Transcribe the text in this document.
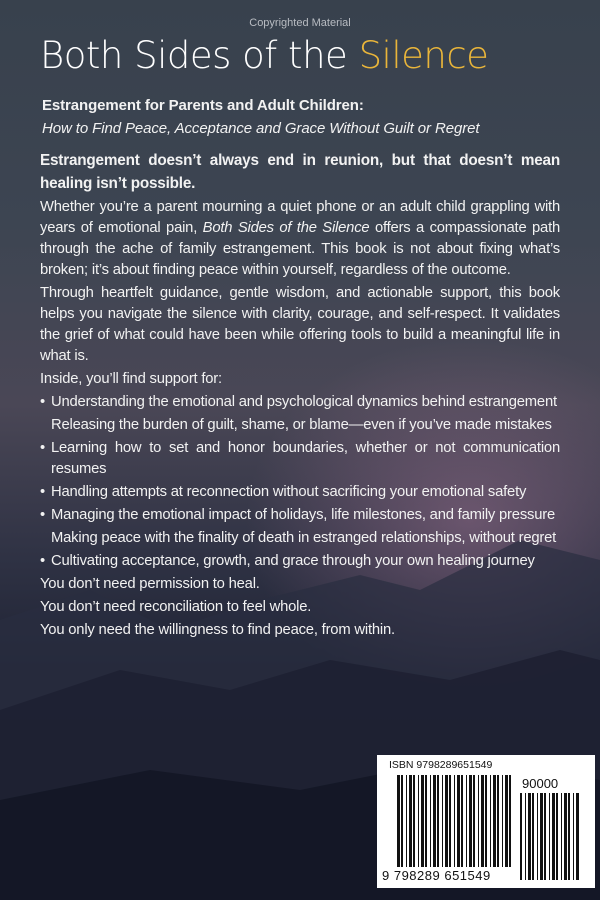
Copyrighted Material
Both Sides of the Silence
Estrangement for Parents and Adult Children:
How to Find Peace, Acceptance and Grace Without Guilt or Regret

Estrangement doesn’t always end in reunion, but that doesn’t mean healing isn’t possible.

Whether you’re a parent mourning a quiet phone or an adult child grappling with years of emotional pain, Both Sides of the Silence offers a compassionate path through the ache of family estrangement. This book is not about fixing what’s broken; it’s about finding peace within yourself, regardless of the outcome.

Through heartfelt guidance, gentle wisdom, and actionable support, this book helps you navigate the silence with clarity, courage, and self-respect. It validates the grief of what could have been while offering tools to build a meaningful life in what is.

Inside, you’ll find support for:

• Understanding the emotional and psychological dynamics behind estrangement
Releasing the burden of guilt, shame, or blame—even if you’ve made mistakes
• Learning how to set and honor boundaries, whether or not communication resumes
• Handling attempts at reconnection without sacrificing your emotional safety
• Managing the emotional impact of holidays, life milestones, and family pressure
Making peace with the finality of death in estranged relationships, without regret
• Cultivating acceptance, growth, and grace through your own healing journey

You don’t need permission to heal.

You don’t need reconciliation to feel whole.

You only need the willingness to find peace, from within.

ISBN 9798289651549
90000
9 798289 651549
